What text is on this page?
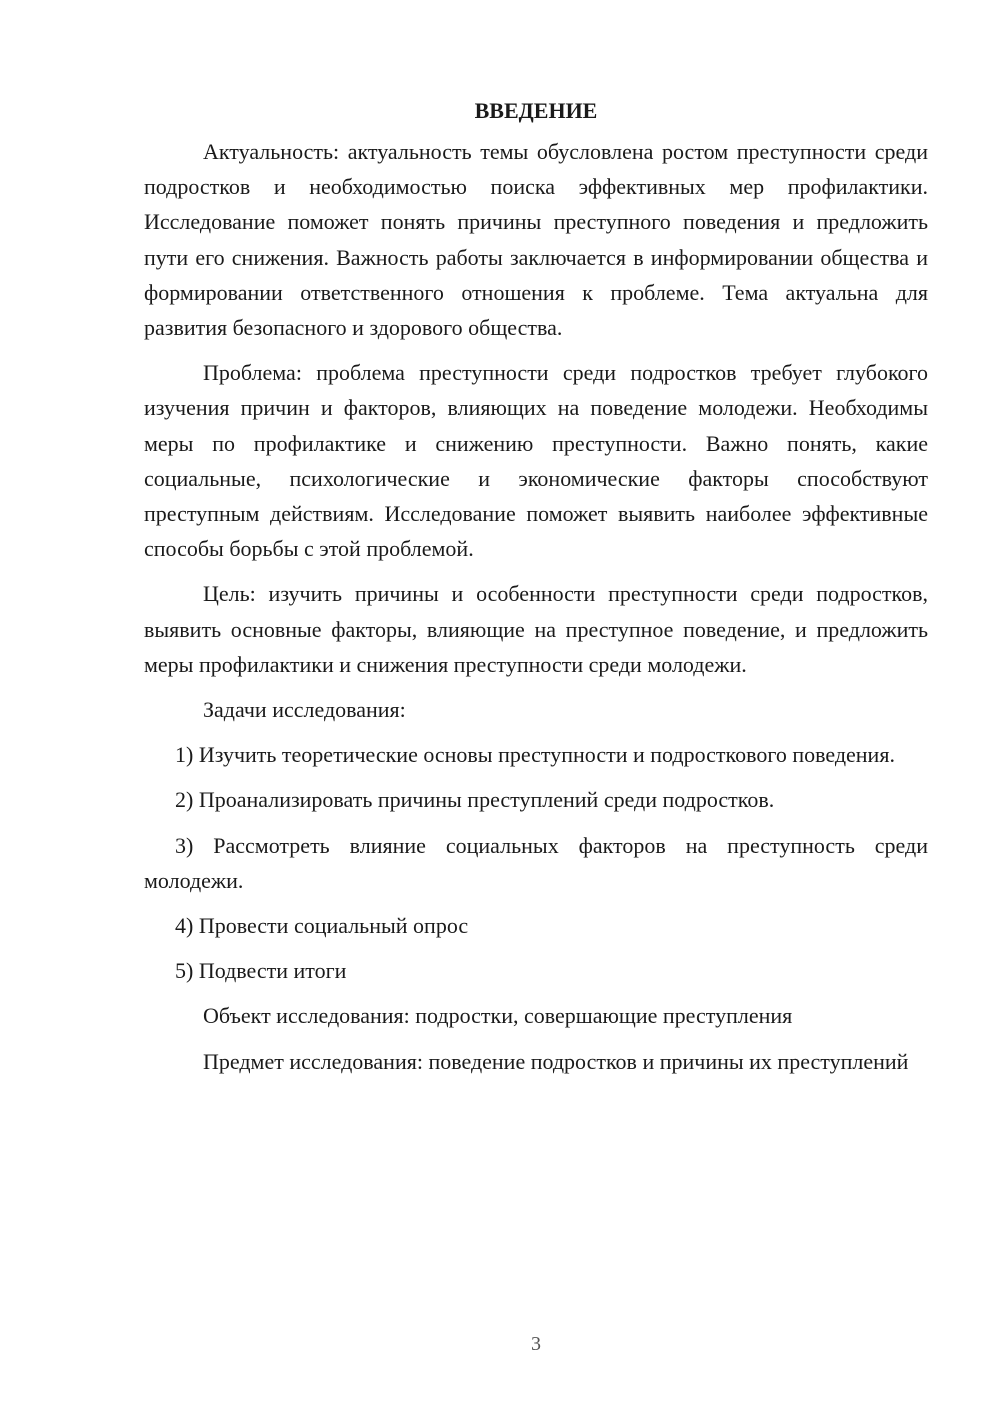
ВВЕДЕНИЕ

Актуальность: актуальность темы обусловлена ростом преступности среди подростков и необходимостью поиска эффективных мер профилактики. Исследование поможет понять причины преступного поведения и предложить пути его снижения. Важность работы заключается в информировании общества и формировании ответственного отношения к проблеме. Тема актуальна для развития безопасного и здорового общества.

Проблема: проблема преступности среди подростков требует глубокого изучения причин и факторов, влияющих на поведение молодежи. Необходимы меры по профилактике и снижению преступности. Важно понять, какие социальные, психологические и экономические факторы способствуют преступным действиям. Исследование поможет выявить наиболее эффективные способы борьбы с этой проблемой.

Цель: изучить причины и особенности преступности среди подростков, выявить основные факторы, влияющие на преступное поведение, и предложить меры профилактики и снижения преступности среди молодежи.

Задачи исследования:

1) Изучить теоретические основы преступности и подросткового поведения.

2) Проанализировать причины преступлений среди подростков.

3) Рассмотреть влияние социальных факторов на преступность среди молодежи.

4) Провести социальный опрос

5) Подвести итоги

Объект исследования: подростки, совершающие преступления

Предмет исследования: поведение подростков и причины их преступлений

3
